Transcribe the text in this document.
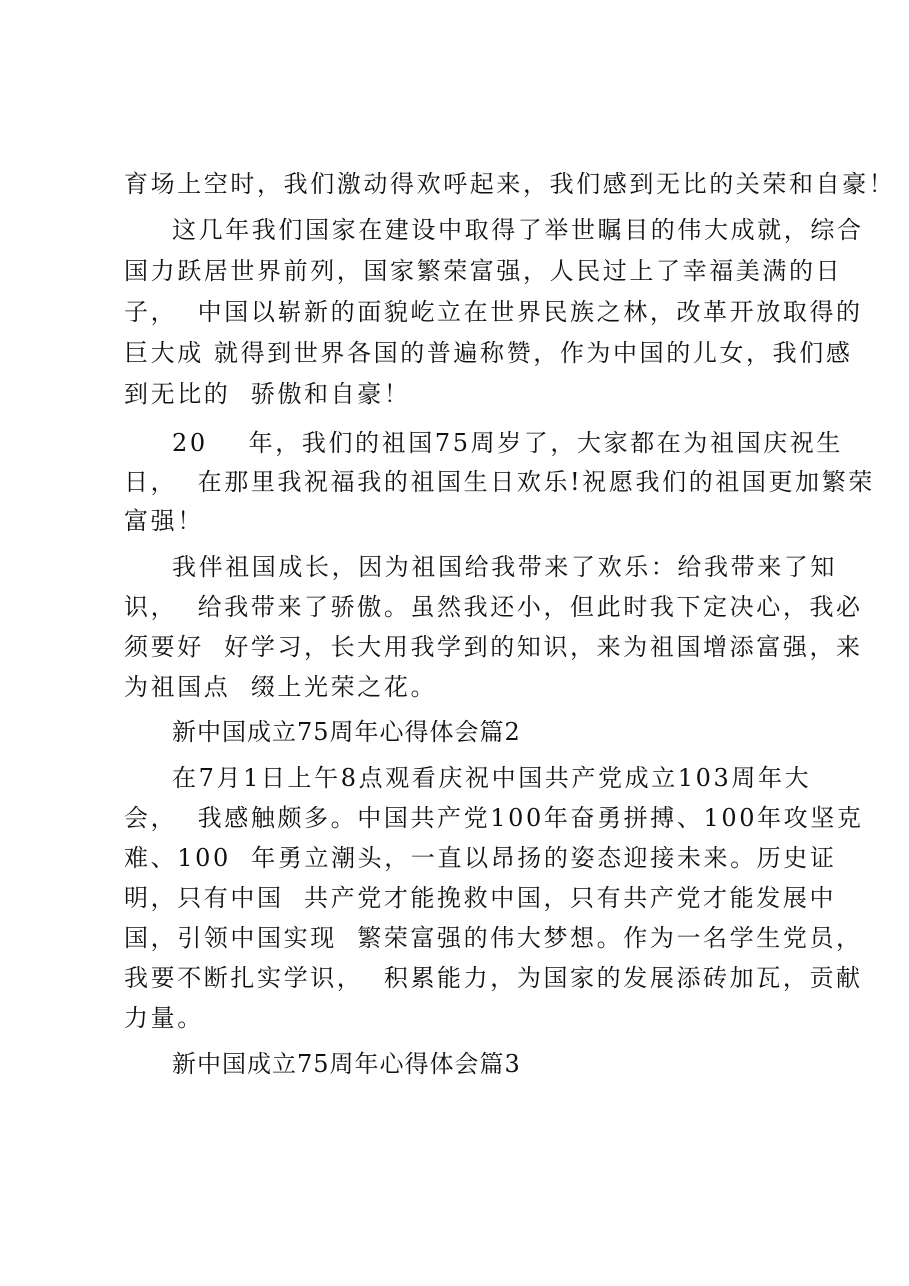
育场上空时，我们激动得欢呼起来，我们感到无比的关荣和自豪！
这几年我们国家在建设中取得了举世瞩目的伟大成就，综合
国力跃居世界前列，国家繁荣富强，人民过上了幸福美满的日
子，  中国以崭新的面貌屹立在世界民族之林，改革开放取得的
巨大成 就得到世界各国的普遍称赞，作为中国的儿女，我们感
到无比的  骄傲和自豪！
20    年，我们的祖国75周岁了，大家都在为祖国庆祝生
日，  在那里我祝福我的祖国生日欢乐!祝愿我们的祖国更加繁荣
富强！
我伴祖国成长，因为祖国给我带来了欢乐：给我带来了知
识，  给我带来了骄傲。虽然我还小，但此时我下定决心，我必
须要好  好学习，长大用我学到的知识，来为祖国增添富强，来
为祖国点  缀上光荣之花。
新中国成立75周年心得体会篇2
在7月1日上午8点观看庆祝中国共产党成立103周年大
会，  我感触颇多。中国共产党100年奋勇拼搏、100年攻坚克
难、100  年勇立潮头，一直以昂扬的姿态迎接未来。历史证
明，只有中国  共产党才能挽救中国，只有共产党才能发展中
国，引领中国实现  繁荣富强的伟大梦想。作为一名学生党员，
我要不断扎实学识，  积累能力，为国家的发展添砖加瓦，贡献
力量。
新中国成立75周年心得体会篇3
